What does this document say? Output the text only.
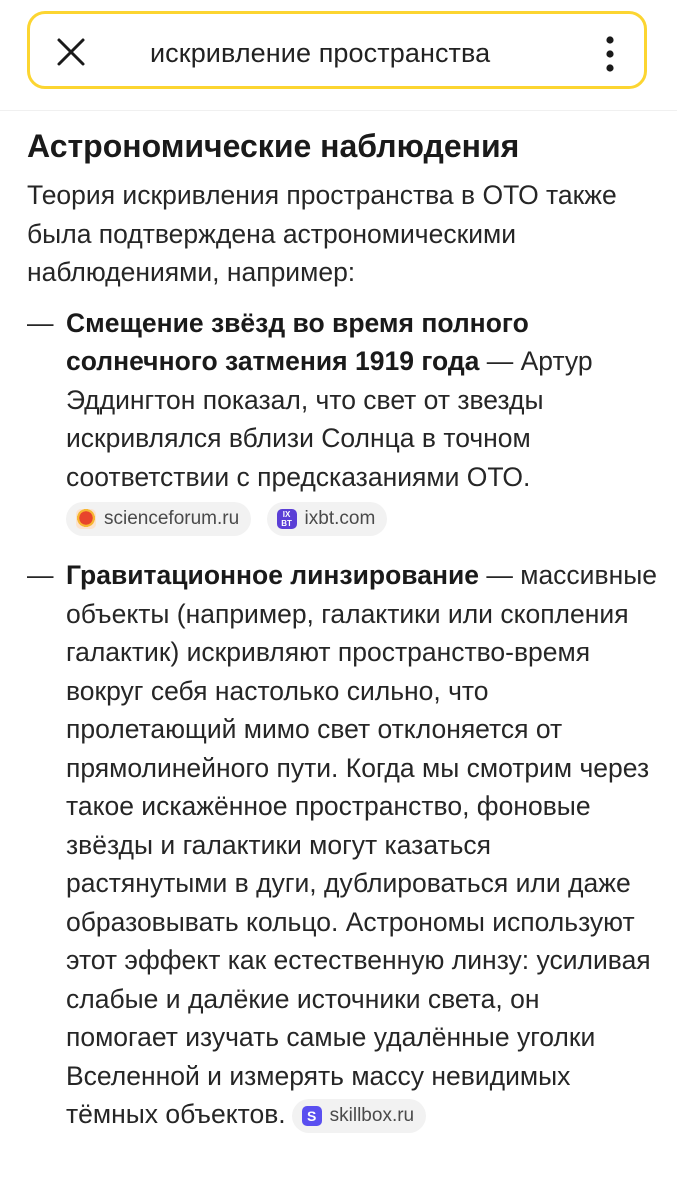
искривление пространства
Астрономические наблюдения

Теория искривления пространства в ОТО также была подтверждена астрономическими наблюдениями, например:

— Смещение звёзд во время полного солнечного затмения 1919 года — Артур Эддингтон показал, что свет от звезды искривлялся вблизи Солнца в точном соответствии с предсказаниями ОТО.
scienceforum.ru
	IX BT ixbt.com
— Гравитационное линзирование — массивные объекты (например, галактики или скопления галактик) искривляют пространство-время вокруг себя настолько сильно, что пролетающий мимо свет отклоняется от прямолинейного пути. Когда мы смотрим через такое искажённое пространство, фоновые звёзды и галактики могут казаться растянутыми в дуги, дублироваться или даже образовывать кольцо. Астрономы используют этот эффект как естественную линзу: усиливая слабые и далёкие источники света, он помогает изучать самые удалённые уголки Вселенной и измерять массу невидимых тёмных объектов.	S skillbox.ru
